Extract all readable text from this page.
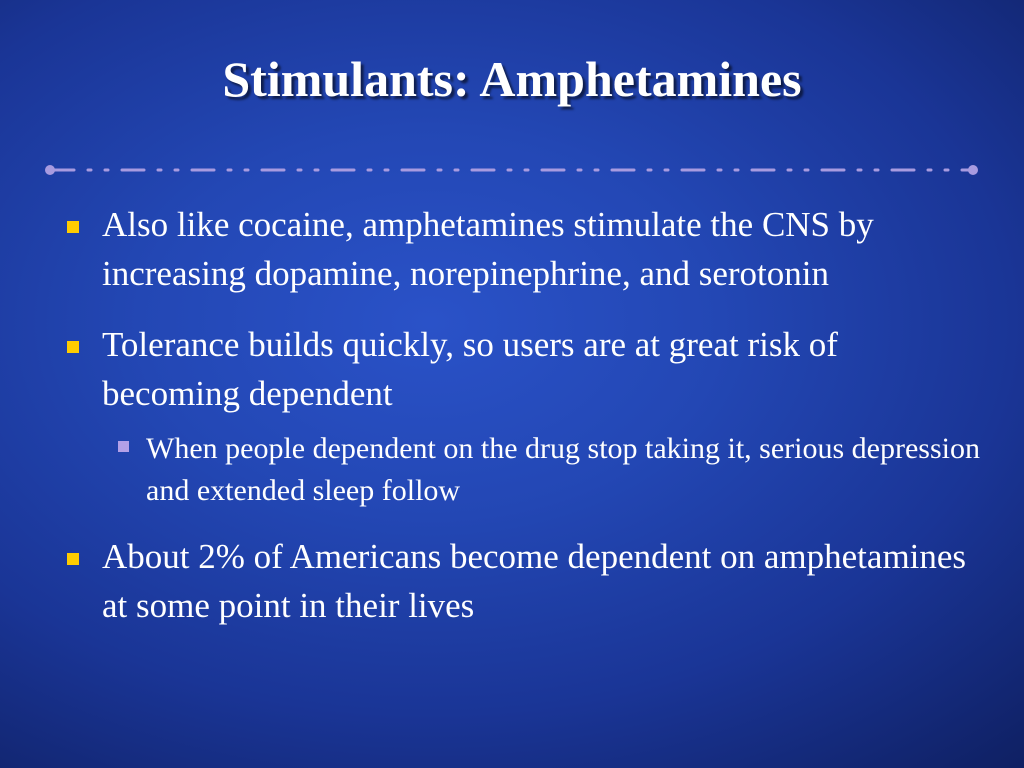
Stimulants: Amphetamines
Also like cocaine, amphetamines stimulate the CNS by increasing dopamine, norepinephrine, and serotonin
Tolerance builds quickly, so users are at great risk of becoming dependent
When people dependent on the drug stop taking it, serious depression and extended sleep follow
About 2% of Americans become dependent on amphetamines at some point in their lives
